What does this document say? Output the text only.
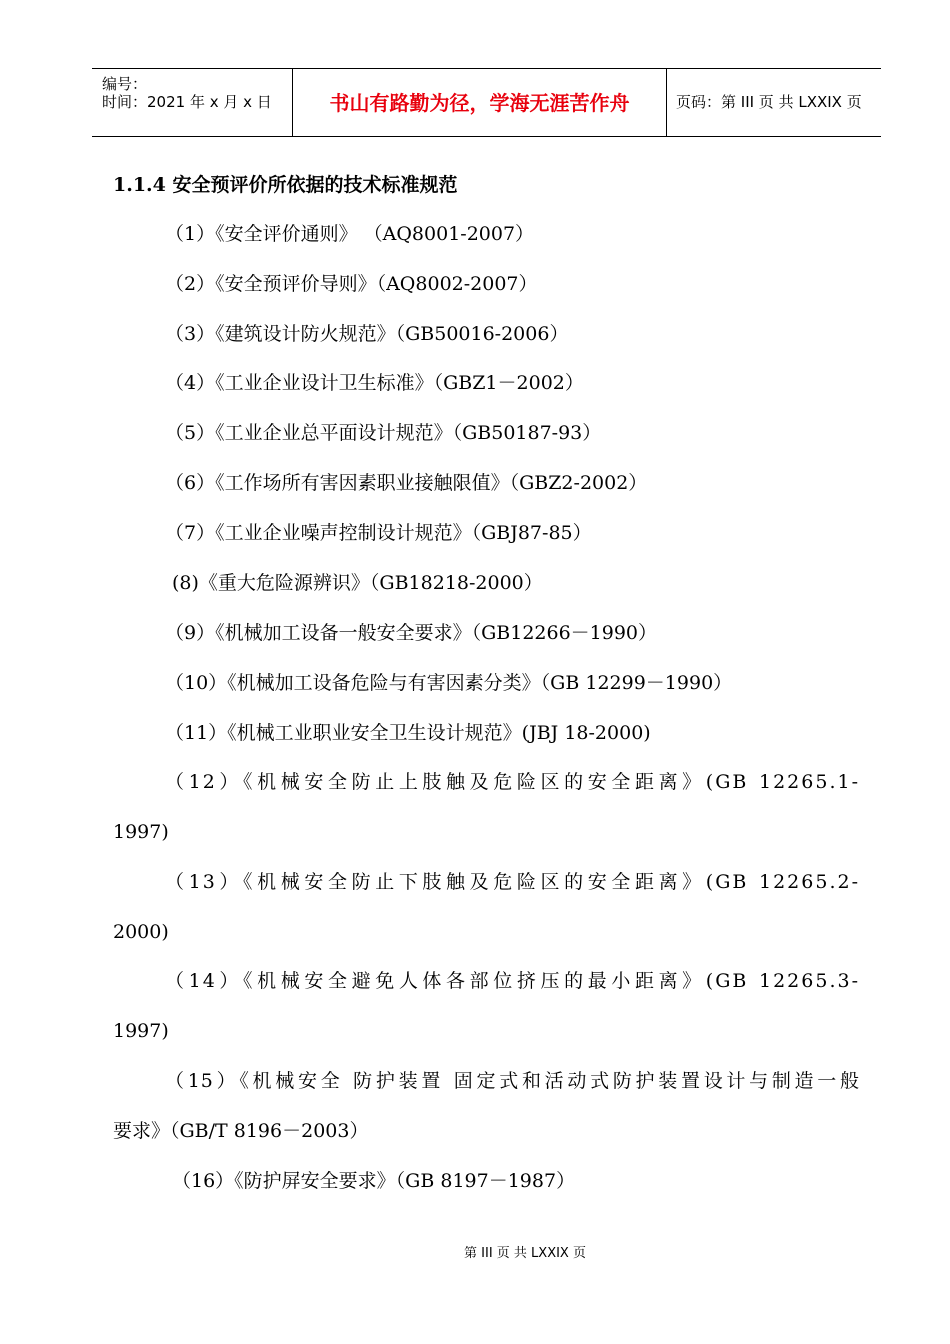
编号：
时间：2021 年 x 月 x 日	书山有路勤为径，学海无涯苦作舟	页码：第 III 页 共 LXXIX 页
1.1.4 安全预评价所依据的技术标准规范
（1）《安全评价通则》 （AQ8001-2007）
（2）《安全预评价导则》（AQ8002-2007）
（3）《建筑设计防火规范》（GB50016-2006）
（4）《工业企业设计卫生标准》（GBZ1－2002）
（5）《工业企业总平面设计规范》（GB50187-93）
（6）《工作场所有害因素职业接触限值》（GBZ2-2002）
（7）《工业企业噪声控制设计规范》（GBJ87-85）
(8)《重大危险源辨识》（GB18218-2000）
（9）《机械加工设备一般安全要求》（GB12266－1990）
（10）《机械加工设备危险与有害因素分类》（GB 12299－1990）
（11）《机械工业职业安全卫生设计规范》(JBJ 18-2000)
（12）《机械安全防止上肢触及危险区的安全距离》(GB 12265.1-
1997)
（13）《机械安全防止下肢触及危险区的安全距离》(GB 12265.2-
2000)
（14）《机械安全避免人体各部位挤压的最小距离》(GB 12265.3-
1997)
（15）《机械安全 防护装置 固定式和活动式防护装置设计与制造一般
要求》（GB/T 8196－2003）
（16）《防护屏安全要求》（GB 8197－1987）
第 III 页 共 LXXIX 页
